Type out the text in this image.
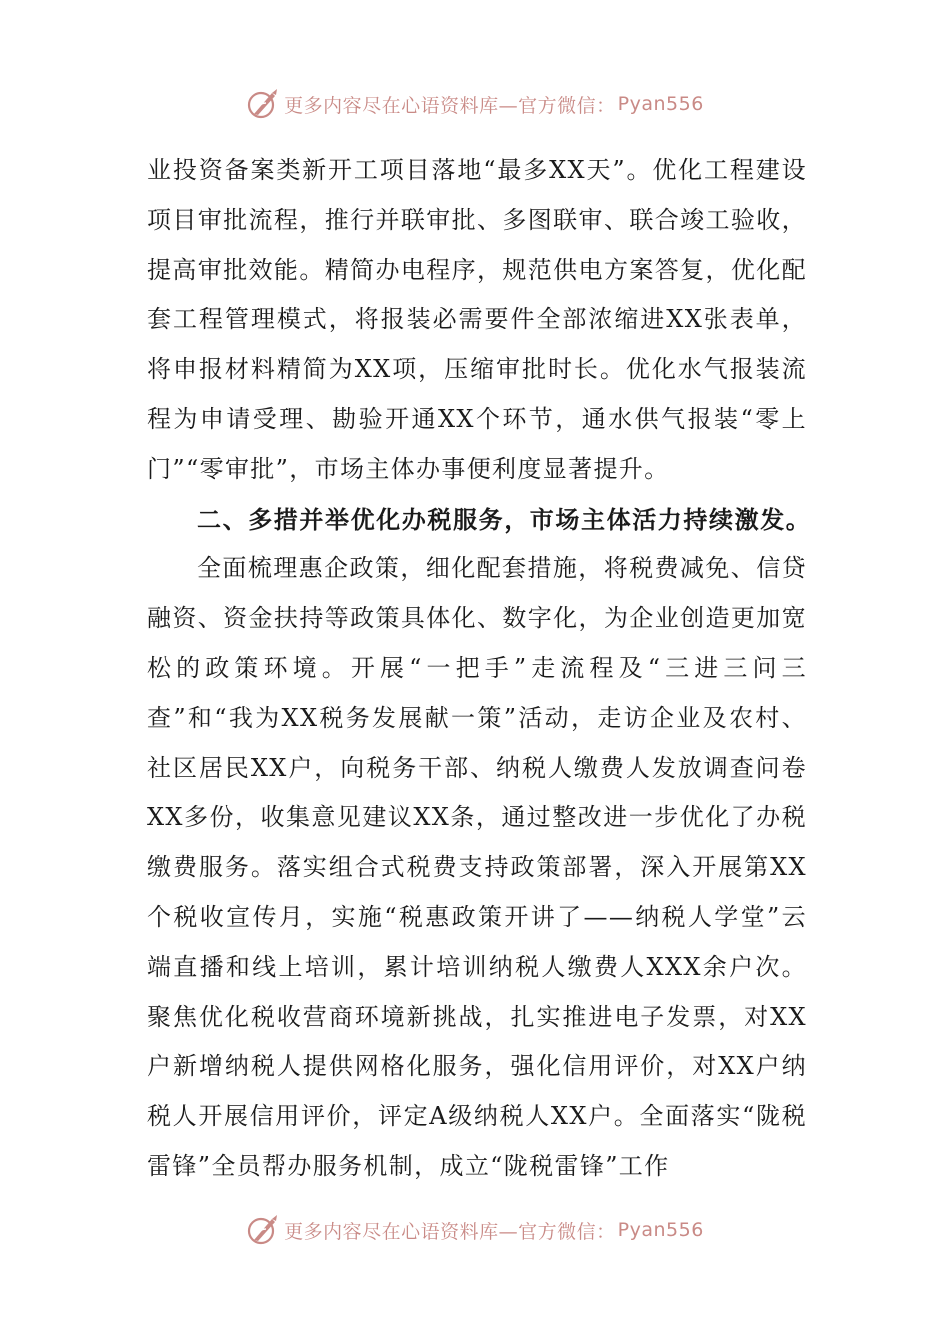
更多内容尽在心语资料库—官方微信： Pyan556

业投资备案类新开工项目落地“最多XX天”。优化工程建设项目审批流程，推行并联审批、多图联审、联合竣工验收，提高审批效能。精简办电程序，规范供电方案答复，优化配套工程管理模式，将报装必需要件全部浓缩进XX张表单，将申报材料精简为XX项，压缩审批时长。优化水气报装流程为申请受理、勘验开通XX个环节，通水供气报装“零上门”“零审批”，市场主体办事便利度显著提升。

二、多措并举优化办税服务，市场主体活力持续激发。

全面梳理惠企政策，细化配套措施，将税费减免、信贷融资、资金扶持等政策具体化、数字化，为企业创造更加宽松的政策环境。开展“一把手”走流程及“三进三问三查”和“我为XX税务发展献一策”活动，走访企业及农村、社区居民XX户，向税务干部、纳税人缴费人发放调查问卷XX多份，收集意见建议XX条，通过整改进一步优化了办税缴费服务。落实组合式税费支持政策部署，深入开展第XX个税收宣传月，实施“税惠政策开讲了——纳税人学堂”云端直播和线上培训，累计培训纳税人缴费人XXX余户次。聚焦优化税收营商环境新挑战，扎实推进电子发票，对XX户新增纳税人提供网格化服务，强化信用评价，对XX户纳税人开展信用评价，评定A级纳税人XX户。全面落实“陇税雷锋”全员帮办服务机制，成立“陇税雷锋”工作

更多内容尽在心语资料库—官方微信： Pyan556
